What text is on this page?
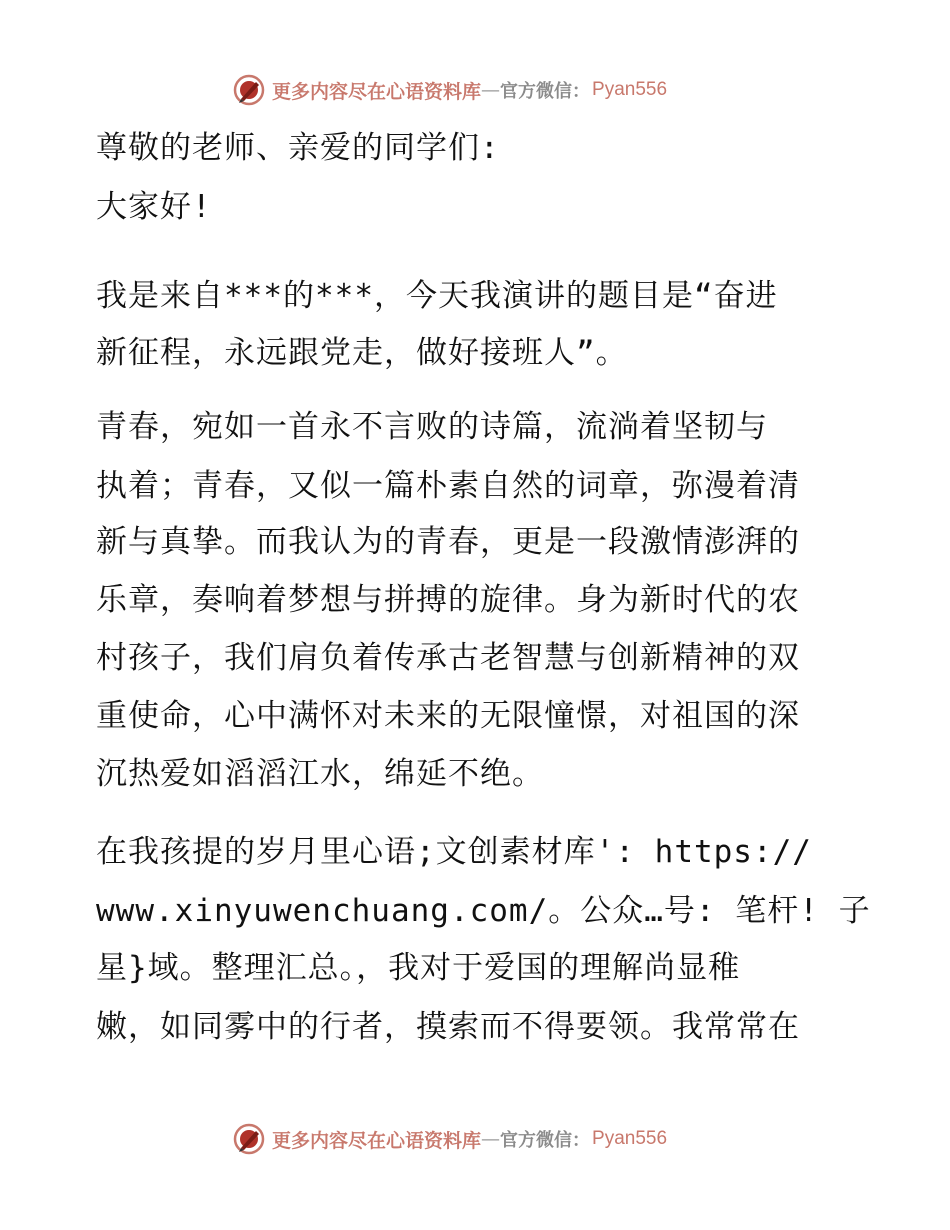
更多内容尽在心语资料库 — 官方微信： Pyan556
尊敬的老师、亲爱的同学们:
大家好!
我是来自***的***，今天我演讲的题目是“奋进
新征程，永远跟党走，做好接班人”。
青春，宛如一首永不言败的诗篇，流淌着坚韧与
执着；青春，又似一篇朴素自然的词章，弥漫着清
新与真挚。而我认为的青春，更是一段激情澎湃的
乐章，奏响着梦想与拼搏的旋律。身为新时代的农
村孩子，我们肩负着传承古老智慧与创新精神的双
重使命，心中满怀对未来的无限憧憬，对祖国的深
沉热爱如滔滔江水，绵延不绝。
在我孩提的岁月里心语;文创素材库': https://
www.xinyuwenchuang.com/。公众…号: 笔杆! 子
星}域。整理汇总。，我对于爱国的理解尚显稚
嫩，如同雾中的行者，摸索而不得要领。我常常在
更多内容尽在心语资料库 — 官方微信： Pyan556
